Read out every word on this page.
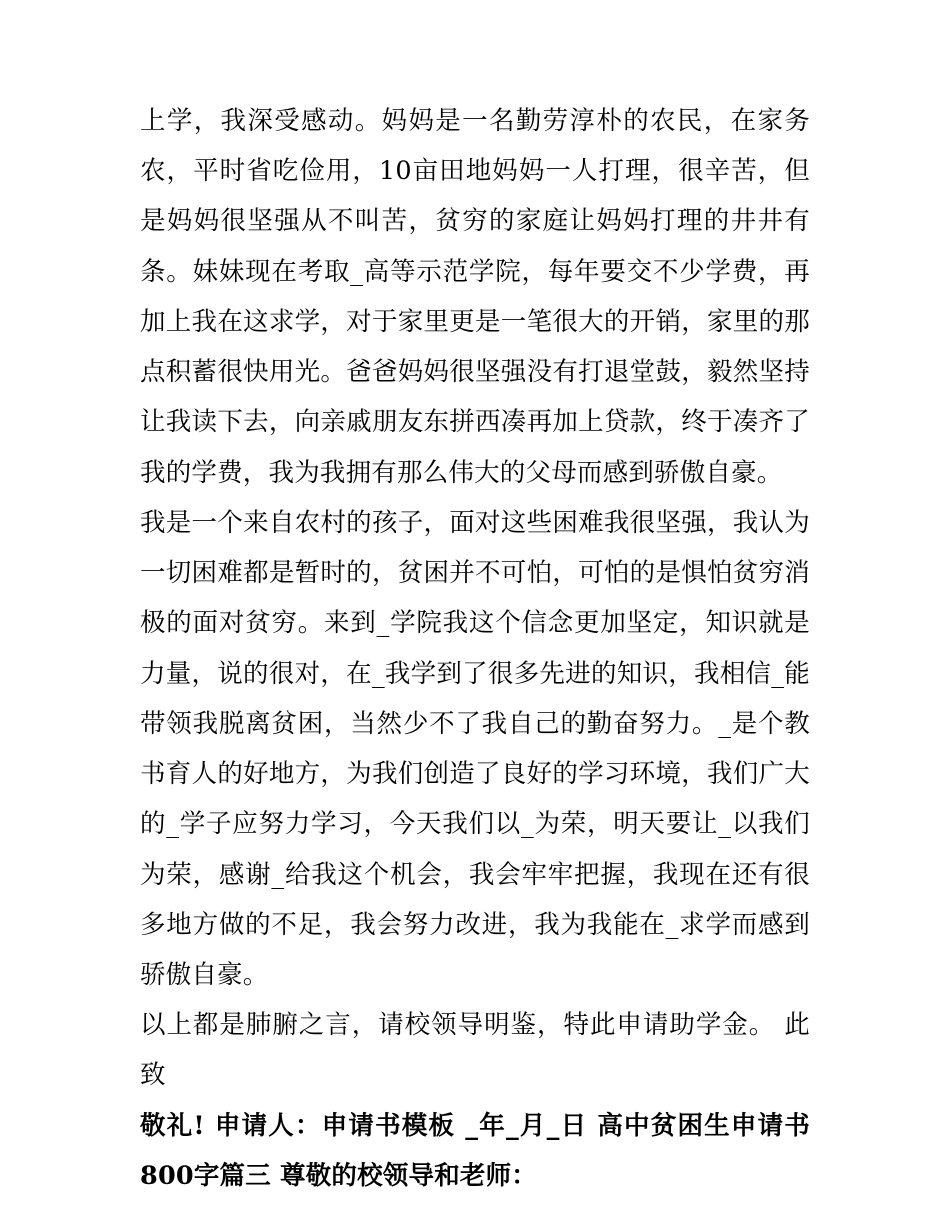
上学，我深受感动。妈妈是一名勤劳淳朴的农民，在家务农，平时省吃俭用，10亩田地妈妈一人打理，很辛苦，但是妈妈很坚强从不叫苦，贫穷的家庭让妈妈打理的井井有条。妹妹现在考取_高等示范学院，每年要交不少学费，再加上我在这求学，对于家里更是一笔很大的开销，家里的那点积蓄很快用光。爸爸妈妈很坚强没有打退堂鼓，毅然坚持让我读下去，向亲戚朋友东拼西凑再加上贷款，终于凑齐了我的学费，我为我拥有那么伟大的父母而感到骄傲自豪。

我是一个来自农村的孩子，面对这些困难我很坚强，我认为一切困难都是暂时的，贫困并不可怕，可怕的是惧怕贫穷消极的面对贫穷。来到_学院我这个信念更加坚定，知识就是力量，说的很对，在_我学到了很多先进的知识，我相信_能带领我脱离贫困，当然少不了我自己的勤奋努力。_是个教书育人的好地方，为我们创造了良好的学习环境，我们广大的_学子应努力学习，今天我们以_为荣，明天要让_以我们为荣，感谢_给我这个机会，我会牢牢把握，我现在还有很多地方做的不足，我会努力改进，我为我能在_求学而感到骄傲自豪。

以上都是肺腑之言，请校领导明鉴，特此申请助学金。 此致

敬礼! 申请人：申请书模板 _年_月_日 高中贫困生申请书800字篇三 尊敬的校领导和老师：
